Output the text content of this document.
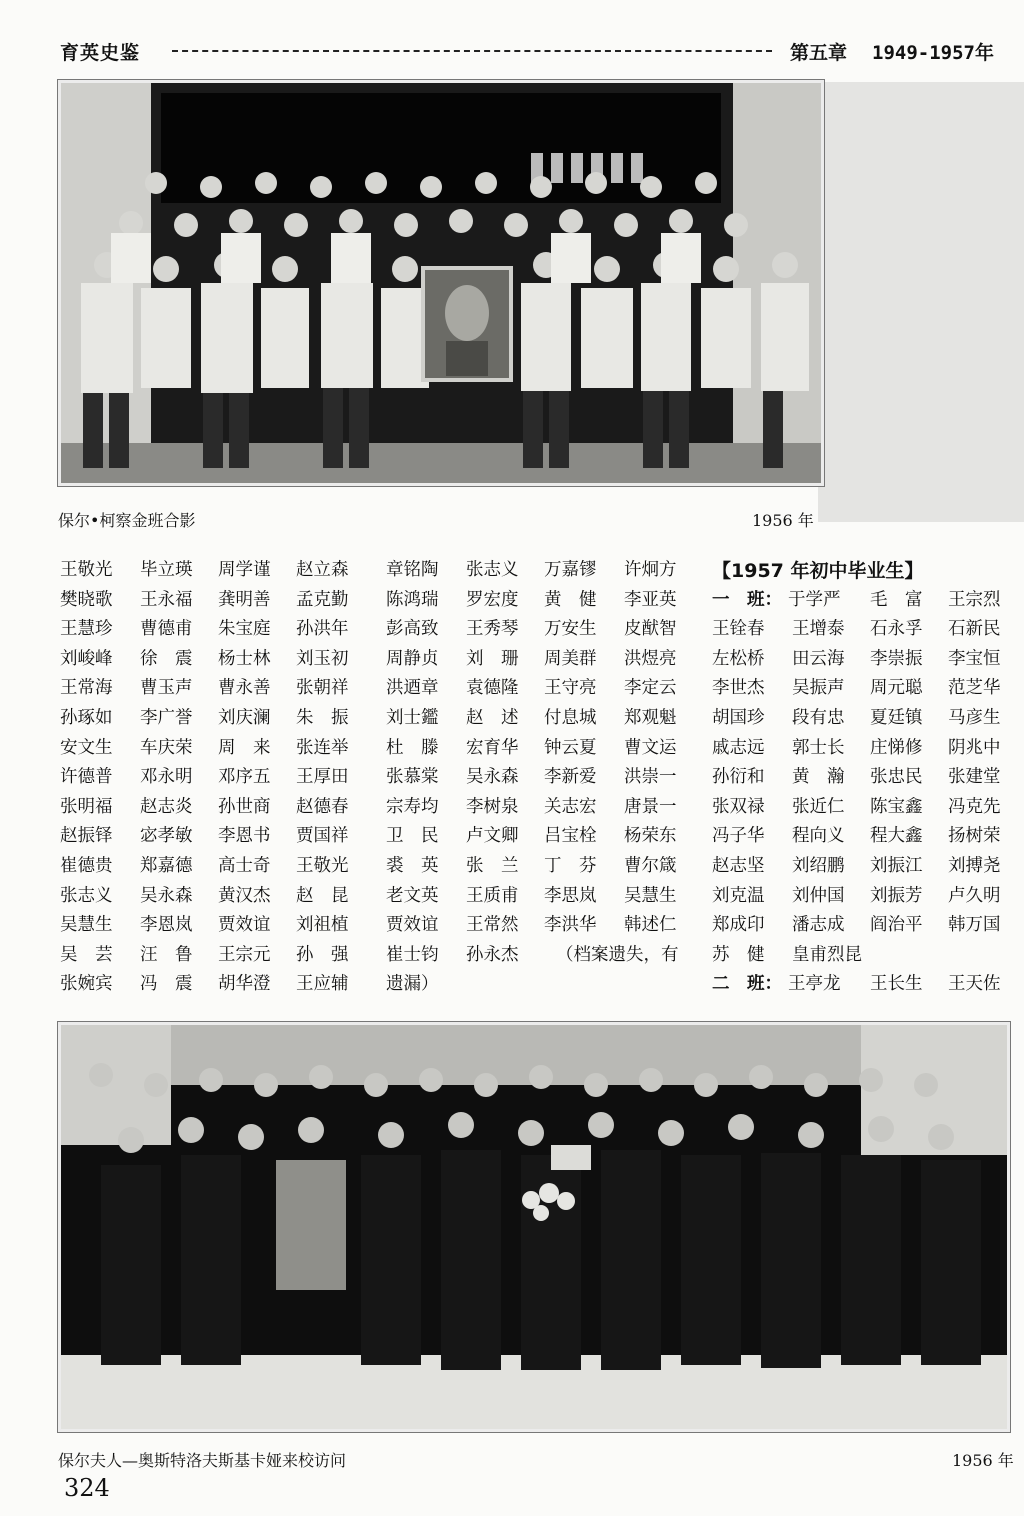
育英史鉴	第五章 1949-1957年
保尔•柯察金班合影	1956 年
王敬光 毕立瑛 周学谨 赵立森 章铭陶 张志义 万嘉镠 许炯方
樊晓歌 王永福 龚明善 孟克勤 陈鸿瑞 罗宏度 黄　健 李亚英
王慧珍 曹德甫 朱宝庭 孙洪年 彭高致 王秀琴 万安生 皮猷智
刘峻峰 徐　震 杨士林 刘玉初 周静贞 刘　珊 周美群 洪煜亮
王常海 曹玉声 曹永善 张朝祥 洪迺章 袁德隆 王守亮 李定云
孙琢如 李广誉 刘庆澜 朱　振 刘士鑑 赵　述 付息城 郑观魁
安文生 车庆荣 周　来 张连举 杜　滕 宏育华 钟云夏 曹文运
许德普 邓永明 邓序五 王厚田 张慕棠 吴永森 李新爱 洪崇一
张明福 赵志炎 孙世商 赵德春 宗寿均 李树泉 关志宏 唐景一
赵振铎 宓孝敏 李恩书 贾国祥 卫　民 卢文卿 吕宝栓 杨荣东
崔德贵 郑嘉德 高士奇 王敬光 裘　英 张　兰 丁　芬 曹尔箴
张志义 吴永森 黄汉杰 赵　昆 老文英 王质甫 李思岚 吴慧生
吴慧生 李恩岚 贾效谊 刘祖植 贾效谊 王常然 李洪华 韩述仁
吴　芸 汪　鲁 王宗元 孙　强 崔士钧 孙永杰
张婉宾 冯　震 胡华澄 王应辅
（档案遗失，有
遗漏）
【1957 年初中毕业生】
一　班： 于学严 毛　富 王宗烈
王铨春 王增泰 石永孚 石新民
左松桥 田云海 李崇振 李宝恒
李世杰 吴振声 周元聪 范芝华
胡国珍 段有忠 夏廷镇 马彦生
戚志远 郭士长 庄悌修 阴兆中
孙衍和 黄　瀚 张忠民 张建堂
张双禄 张近仁 陈宝鑫 冯克先
冯子华 程向义 程大鑫 扬树荣
赵志坚 刘绍鹏 刘振江 刘搏尧
刘克温 刘仲国 刘振芳 卢久明
郑成印 潘志成 阎治平 韩万国
苏　健 皇甫烈昆
二　班： 王亭龙 王长生 王天佐
保尔夫人—奥斯特洛夫斯基卡娅来校访问	1956 年
324
